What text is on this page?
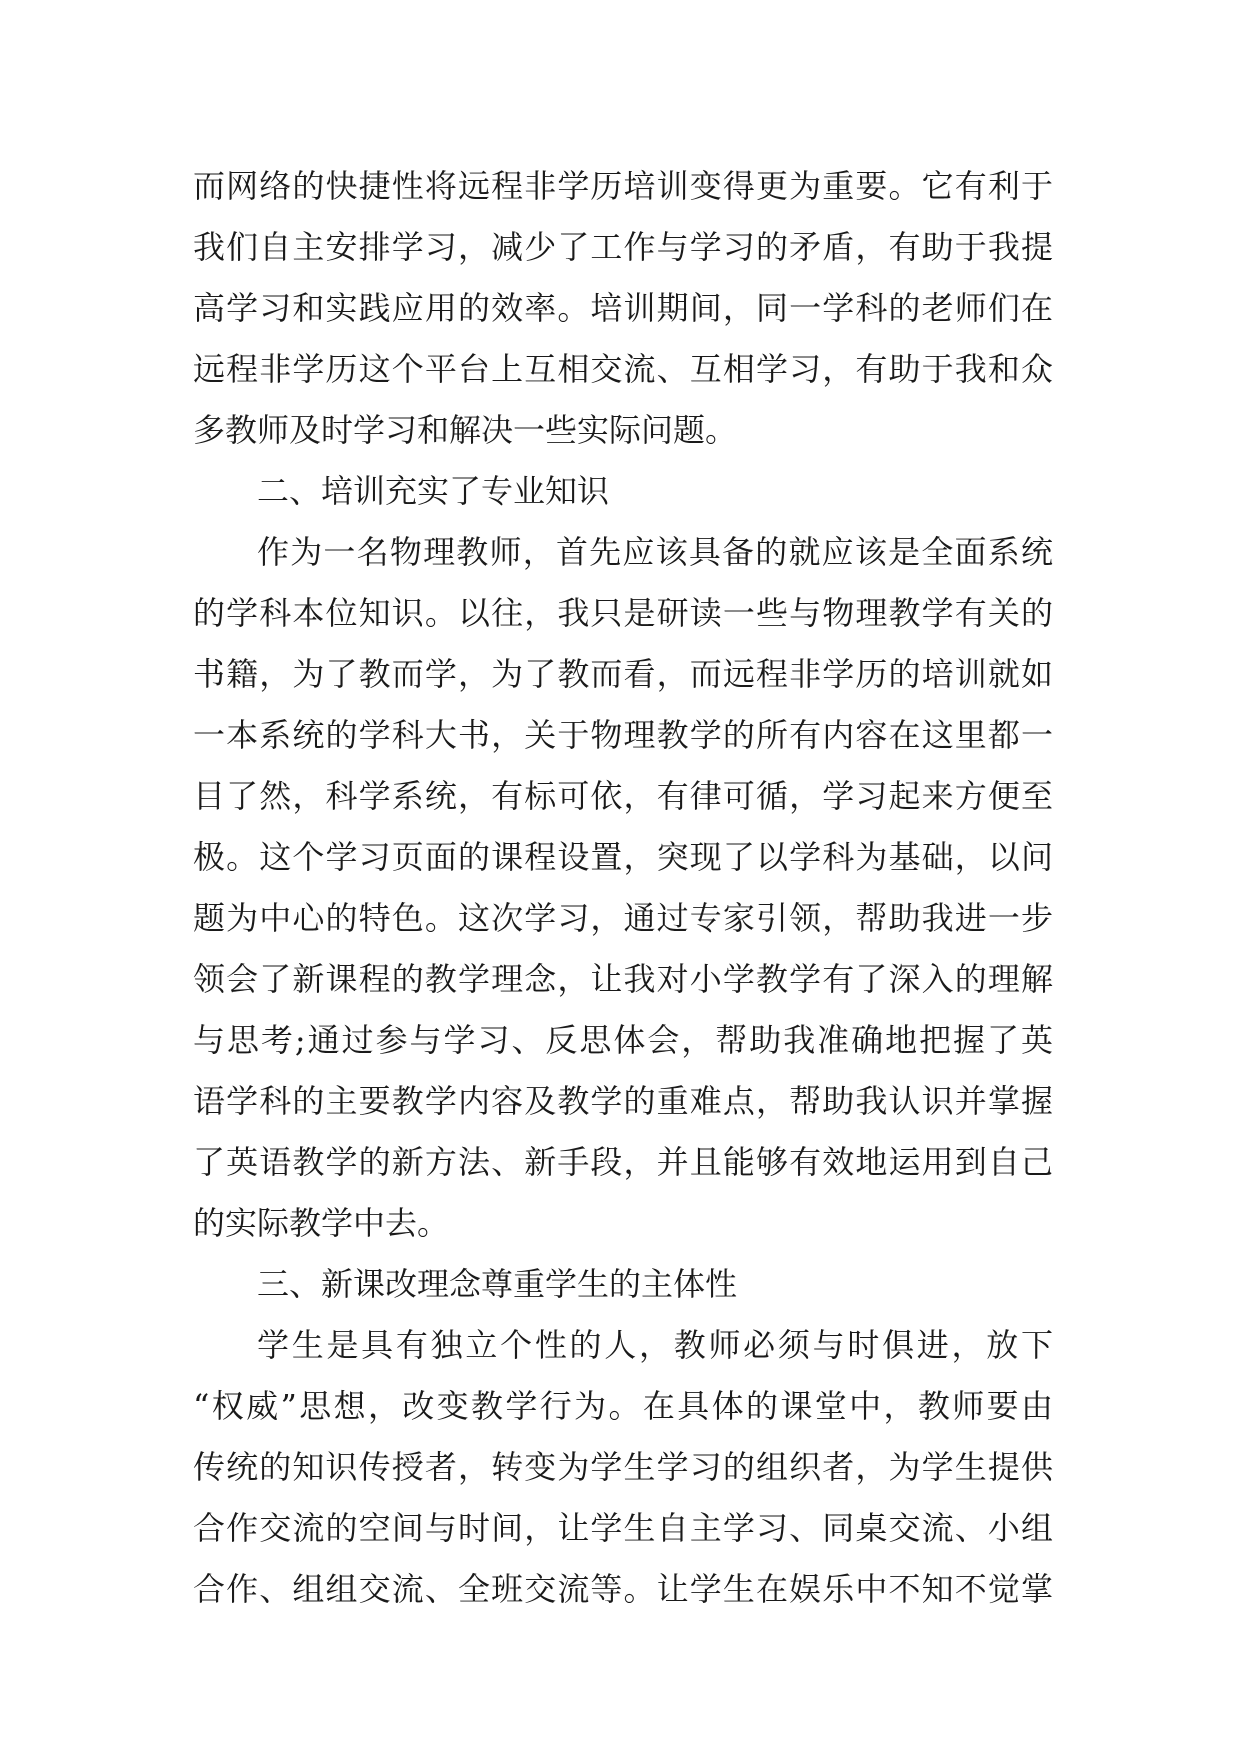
而网络的快捷性将远程非学历培训变得更为重要。它有利于
我们自主安排学习，减少了工作与学习的矛盾，有助于我提
高学习和实践应用的效率。培训期间，同一学科的老师们在
远程非学历这个平台上互相交流、互相学习，有助于我和众
多教师及时学习和解决一些实际问题。
二、培训充实了专业知识
作为一名物理教师，首先应该具备的就应该是全面系统
的学科本位知识。以往，我只是研读一些与物理教学有关的
书籍，为了教而学，为了教而看，而远程非学历的培训就如
一本系统的学科大书，关于物理教学的所有内容在这里都一
目了然，科学系统，有标可依，有律可循，学习起来方便至
极。这个学习页面的课程设置，突现了以学科为基础，以问
题为中心的特色。这次学习，通过专家引领，帮助我进一步
领会了新课程的教学理念，让我对小学教学有了深入的理解
与思考;通过参与学习、反思体会，帮助我准确地把握了英
语学科的主要教学内容及教学的重难点，帮助我认识并掌握
了英语教学的新方法、新手段，并且能够有效地运用到自己
的实际教学中去。
三、新课改理念尊重学生的主体性
学生是具有独立个性的人，教师必须与时俱进，放下
“权威”思想，改变教学行为。在具体的课堂中，教师要由
传统的知识传授者，转变为学生学习的组织者，为学生提供
合作交流的空间与时间，让学生自主学习、同桌交流、小组
合作、组组交流、全班交流等。让学生在娱乐中不知不觉掌
